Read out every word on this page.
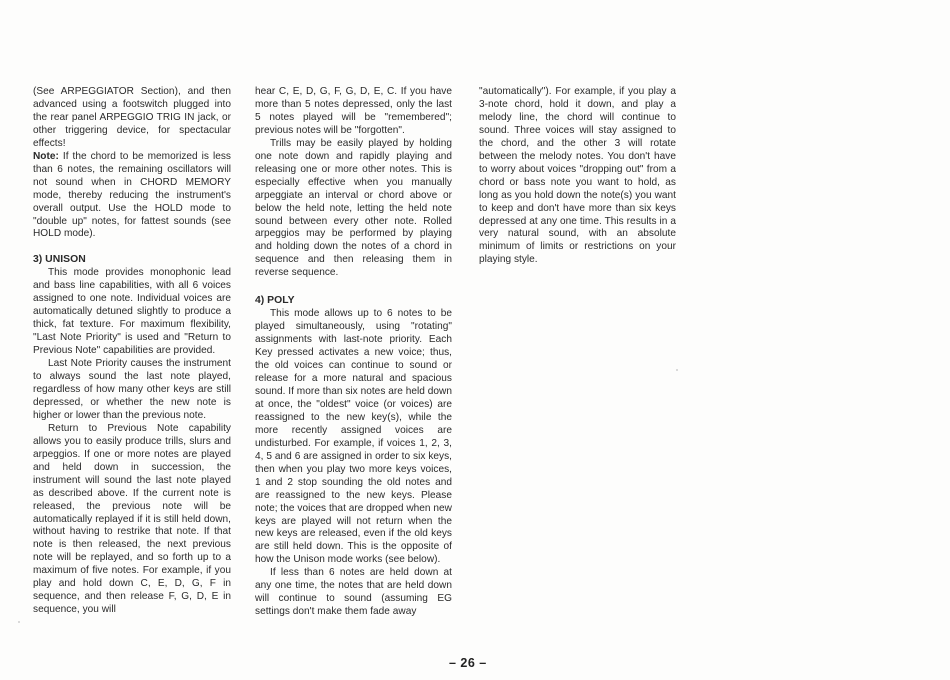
(See ARPEGGIATOR Section), and then advanced using a footswitch plugged into the rear panel ARPEGGIO TRIG IN jack, or other triggering device, for spectacular effects!

Note: If the chord to be memorized is less than 6 notes, the remaining oscillators will not sound when in CHORD MEMORY mode, thereby reducing the instrument's overall output. Use the HOLD mode to "double up" notes, for fattest sounds (see HOLD mode).

3) UNISON

This mode provides monophonic lead and bass line capabilities, with all 6 voices assigned to one note. Individual voices are automatically detuned slightly to produce a thick, fat texture. For maximum flexibility, "Last Note Priority" is used and "Return to Previous Note" capabilities are provided.

Last Note Priority causes the instrument to always sound the last note played, regardless of how many other keys are still depressed, or whether the new note is higher or lower than the previous note.

Return to Previous Note capability allows you to easily produce trills, slurs and arpeggios. If one or more notes are played and held down in succession, the instrument will sound the last note played as described above. If the current note is released, the previous note will be automatically replayed if it is still held down, without having to restrike that note. If that note is then released, the next previous note will be replayed, and so forth up to a maximum of five notes. For example, if you play and hold down C, E, D, G, F in sequence, and then release F, G, D, E in sequence, you will

hear C, E, D, G, F, G, D, E, C. If you have more than 5 notes depressed, only the last 5 notes played will be "remembered"; previous notes will be "forgotten".

Trills may be easily played by holding one note down and rapidly playing and releasing one or more other notes. This is especially effective when you manually arpeggiate an interval or chord above or below the held note, letting the held note sound between every other note. Rolled arpeggios may be performed by playing and holding down the notes of a chord in sequence and then releasing them in reverse sequence.

4) POLY

This mode allows up to 6 notes to be played simultaneously, using "rotating" assignments with last-note priority. Each Key pressed activates a new voice; thus, the old voices can continue to sound or release for a more natural and spacious sound. If more than six notes are held down at once, the "oldest" voice (or voices) are reassigned to the new key(s), while the more recently assigned voices are undisturbed. For example, if voices 1, 2, 3, 4, 5 and 6 are assigned in order to six keys, then when you play two more keys voices, 1 and 2 stop sounding the old notes and are reassigned to the new keys. Please note; the voices that are dropped when new keys are played will not return when the new keys are released, even if the old keys are still held down. This is the opposite of how the Unison mode works (see below).

If less than 6 notes are held down at any one time, the notes that are held down will continue to sound (assuming EG settings don't make them fade away

"automatically"). For example, if you play a 3-note chord, hold it down, and play a melody line, the chord will continue to sound. Three voices will stay assigned to the chord, and the other 3 will rotate between the melody notes. You don't have to worry about voices "dropping out" from a chord or bass note you want to hold, as long as you hold down the note(s) you want to keep and don't have more than six keys depressed at any one time. This results in a very natural sound, with an absolute minimum of limits or restrictions on your playing style.

– 26 –
